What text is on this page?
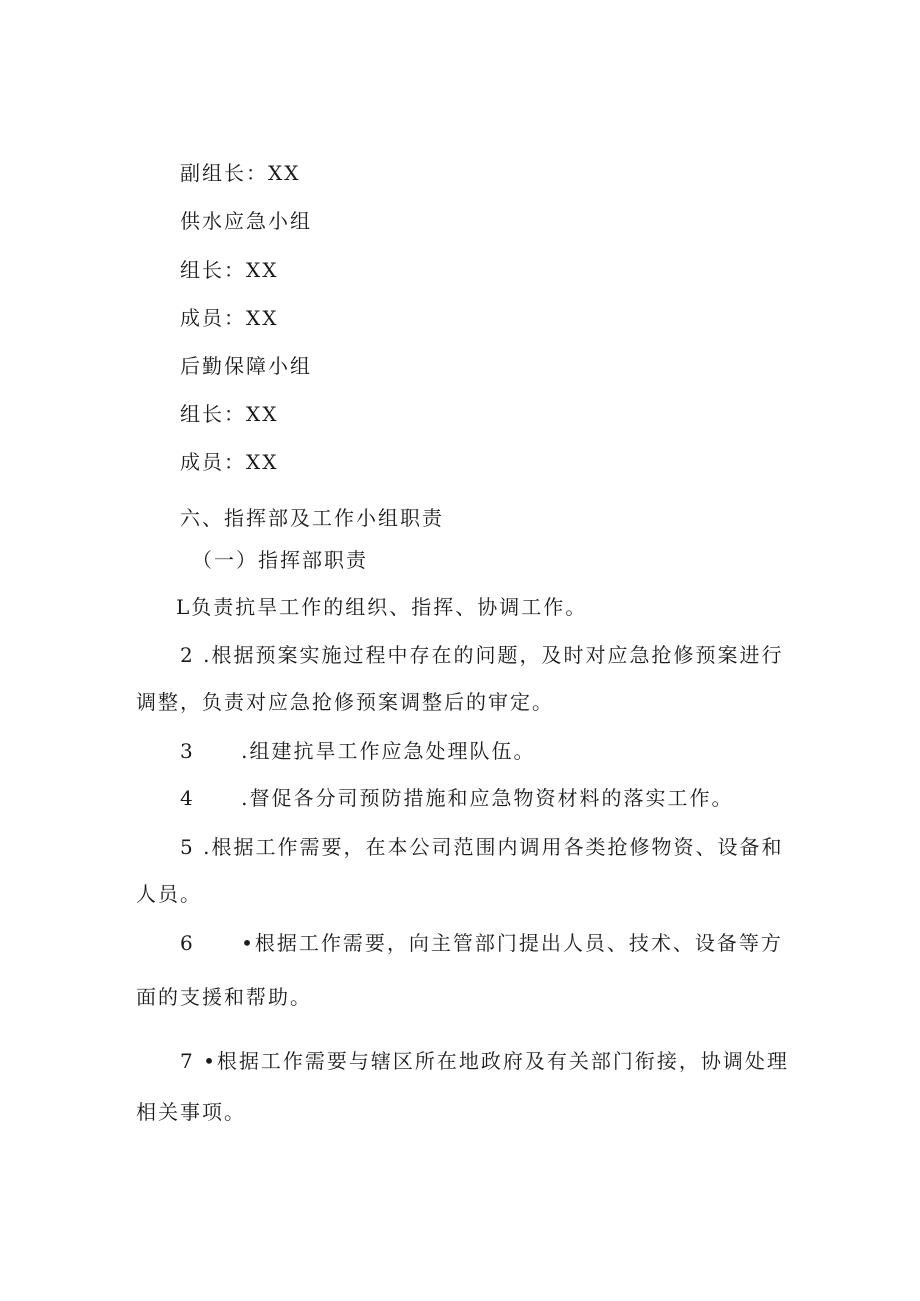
副组长：XX
供水应急小组
组长：XX
成员：XX
后勤保障小组
组长：XX
成员：XX
六、指挥部及工作小组职责
（一）指挥部职责
L负责抗旱工作的组织、指挥、协调工作。
2 .根据预案实施过程中存在的问题，及时对应急抢修预案进行
调整，负责对应急抢修预案调整后的审定。
3 .组建抗旱工作应急处理队伍。
4 .督促各分司预防措施和应急物资材料的落实工作。
5 .根据工作需要，在本公司范围内调用各类抢修物资、设备和
人员。
6 •根据工作需要，向主管部门提出人员、技术、设备等方
面的支援和帮助。
7 •根据工作需要与辖区所在地政府及有关部门衔接，协调处理
相关事项。
